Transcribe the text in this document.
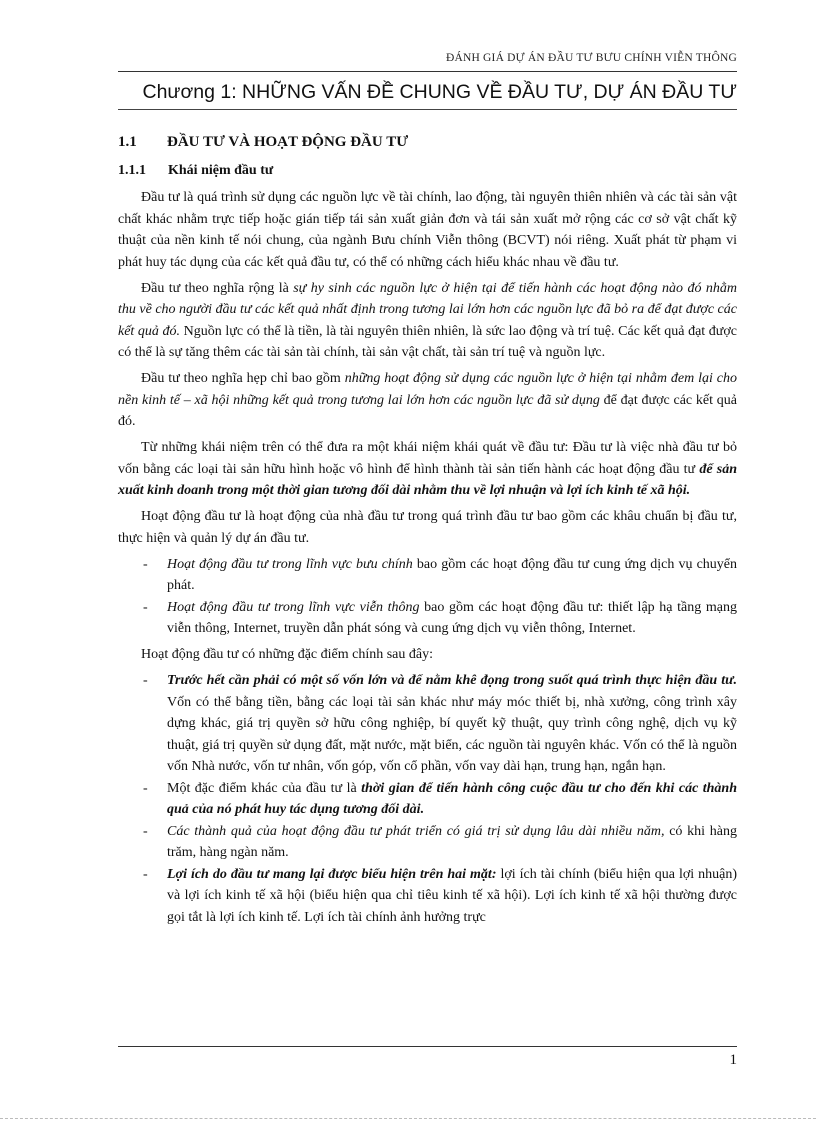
ĐÁNH GIÁ DỰ ÁN ĐẦU TƯ BƯU CHÍNH VIỄN THÔNG
Chương 1: NHỮNG VẤN ĐỀ CHUNG VỀ ĐẦU TƯ, DỰ ÁN ĐẦU TƯ
1.1 ĐẦU TƯ VÀ HOẠT ĐỘNG ĐẦU TƯ
1.1.1 Khái niệm đầu tư

Đầu tư là quá trình sử dụng các nguồn lực về tài chính, lao động, tài nguyên thiên nhiên và các tài sản vật chất khác nhằm trực tiếp hoặc gián tiếp tái sản xuất giản đơn và tái sản xuất mở rộng các cơ sở vật chất kỹ thuật của nền kinh tế nói chung, của ngành Bưu chính Viễn thông (BCVT) nói riêng. Xuất phát từ phạm vi phát huy tác dụng của các kết quả đầu tư, có thể có những cách hiểu khác nhau về đầu tư.

Đầu tư theo nghĩa rộng là sự hy sinh các nguồn lực ở hiện tại để tiến hành các hoạt động nào đó nhằm thu về cho người đầu tư các kết quả nhất định trong tương lai lớn hơn các nguồn lực đã bỏ ra để đạt được các kết quả đó. Nguồn lực có thể là tiền, là tài nguyên thiên nhiên, là sức lao động và trí tuệ. Các kết quả đạt được có thể là sự tăng thêm các tài sản tài chính, tài sản vật chất, tài sản trí tuệ và nguồn lực.

Đầu tư theo nghĩa hẹp chỉ bao gồm những hoạt động sử dụng các nguồn lực ở hiện tại nhằm đem lại cho nền kinh tế – xã hội những kết quả trong tương lai lớn hơn các nguồn lực đã sử dụng để đạt được các kết quả đó.

Từ những khái niệm trên có thể đưa ra một khái niệm khái quát về đầu tư: Đầu tư là việc nhà đầu tư bỏ vốn bằng các loại tài sản hữu hình hoặc vô hình để hình thành tài sản tiến hành các hoạt động đầu tư để sản xuất kinh doanh trong một thời gian tương đối dài nhằm thu về lợi nhuận và lợi ích kinh tế xã hội.

Hoạt động đầu tư là hoạt động của nhà đầu tư trong quá trình đầu tư bao gồm các khâu chuẩn bị đầu tư, thực hiện và quản lý dự án đầu tư.

- Hoạt động đầu tư trong lĩnh vực bưu chính bao gồm các hoạt động đầu tư cung ứng dịch vụ chuyển phát.
- Hoạt động đầu tư trong lĩnh vực viễn thông bao gồm các hoạt động đầu tư: thiết lập hạ tầng mạng viễn thông, Internet, truyền dẫn phát sóng và cung ứng dịch vụ viễn thông, Internet.

Hoạt động đầu tư có những đặc điểm chính sau đây:

- Trước hết cần phải có một số vốn lớn và để nằm khê đọng trong suốt quá trình thực hiện đầu tư. Vốn có thể bằng tiền, bằng các loại tài sản khác như máy móc thiết bị, nhà xưởng, công trình xây dựng khác, giá trị quyền sở hữu công nghiệp, bí quyết kỹ thuật, quy trình công nghệ, dịch vụ kỹ thuật, giá trị quyền sử dụng đất, mặt nước, mặt biển, các nguồn tài nguyên khác. Vốn có thể là nguồn vốn Nhà nước, vốn tư nhân, vốn góp, vốn cổ phần, vốn vay dài hạn, trung hạn, ngắn hạn.
- Một đặc điểm khác của đầu tư là thời gian để tiến hành công cuộc đầu tư cho đến khi các thành quả của nó phát huy tác dụng tương đối dài.
- Các thành quả của hoạt động đầu tư phát triển có giá trị sử dụng lâu dài nhiều năm, có khi hàng trăm, hàng ngàn năm.
- Lợi ích do đầu tư mang lại được biểu hiện trên hai mặt: lợi ích tài chính (biểu hiện qua lợi nhuận) và lợi ích kinh tế xã hội (biểu hiện qua chỉ tiêu kinh tế xã hội). Lợi ích kinh tế xã hội thường được gọi tắt là lợi ích kinh tế. Lợi ích tài chính ảnh hưởng trực
1
